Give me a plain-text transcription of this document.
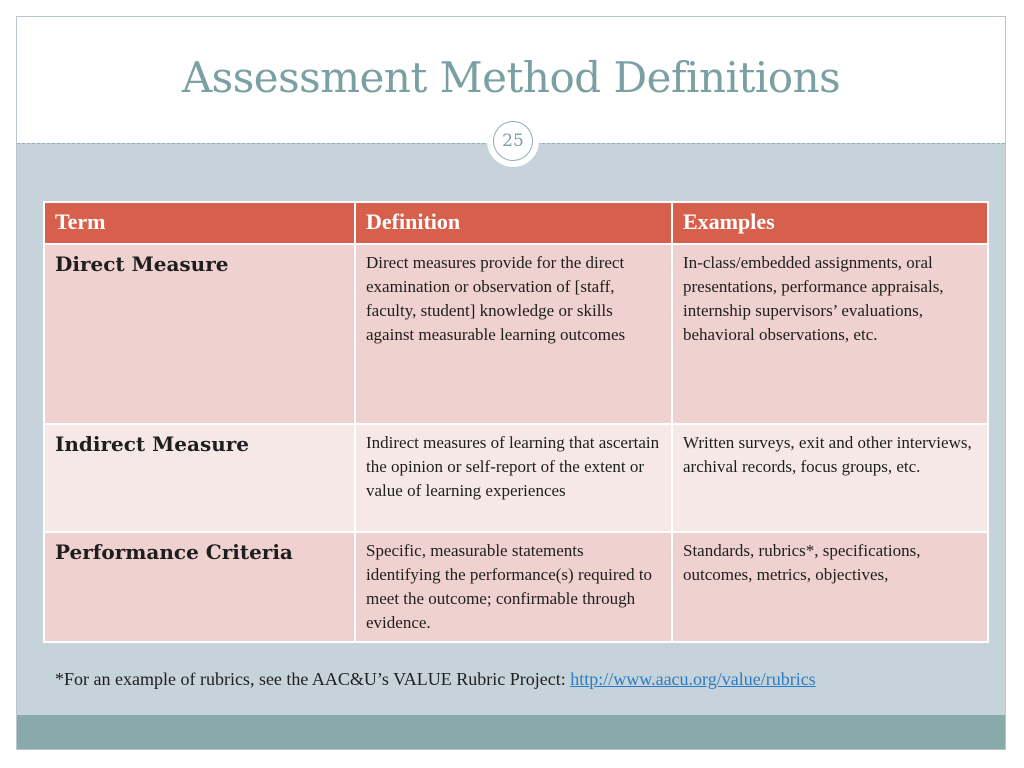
Assessment Method Definitions
25
Term	Definition	Examples
Direct Measure	Direct measures provide for the direct examination or observation of [staff, faculty, student] knowledge or skills against measurable learning outcomes	In-class/embedded assignments, oral presentations, performance appraisals, internship supervisors’ evaluations, behavioral observations, etc.
Indirect Measure	Indirect measures of learning that ascertain the opinion or self-report of the extent or value of learning experiences	Written surveys, exit and other interviews, archival records, focus groups, etc.
Performance Criteria	Specific, measurable statements identifying the performance(s) required to meet the outcome; confirmable through evidence.	Standards, rubrics*, specifications, outcomes, metrics, objectives,
*For an example of rubrics, see the AAC&U’s VALUE Rubric Project: http://www.aacu.org/value/rubrics
